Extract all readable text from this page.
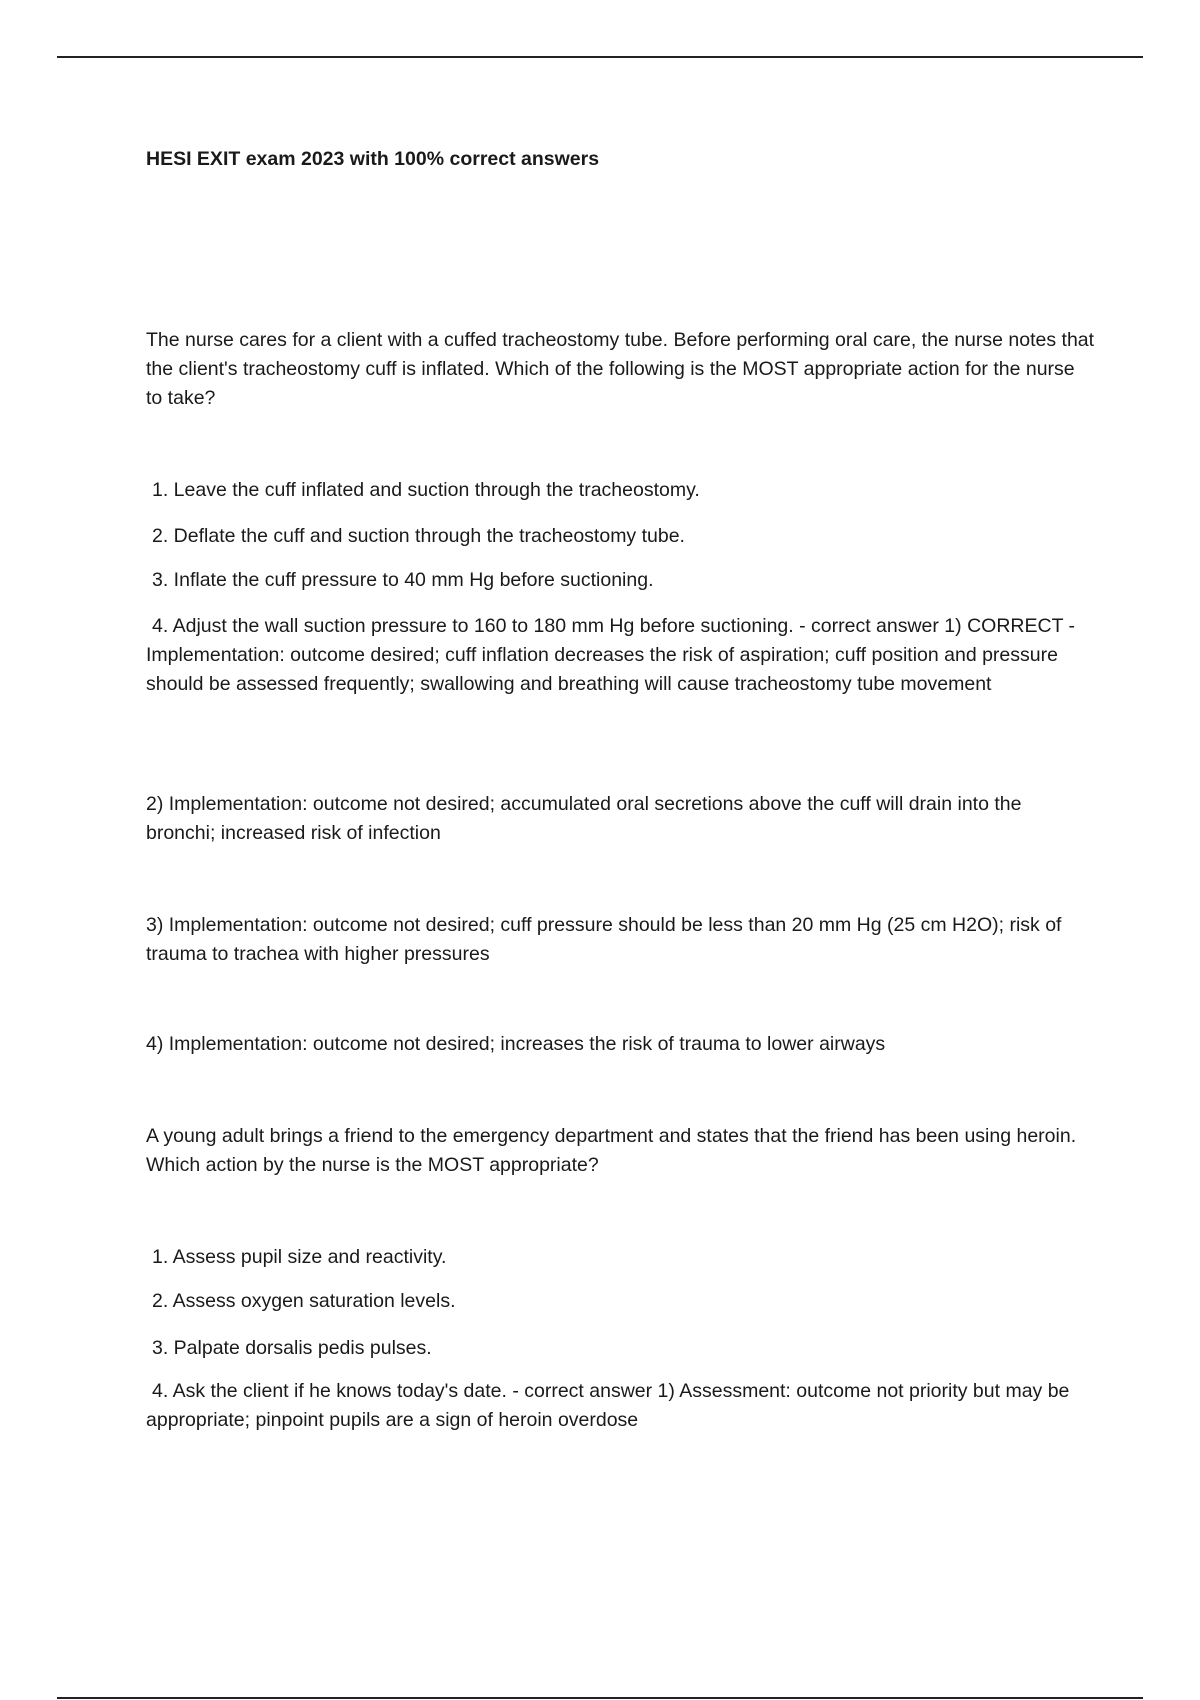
HESI EXIT exam 2023 with 100% correct answers

The nurse cares for a client with a cuffed tracheostomy tube. Before performing oral care, the nurse notes that the client's tracheostomy cuff is inflated. Which of the following is the MOST appropriate action for the nurse to take?

1. Leave the cuff inflated and suction through the tracheostomy.

2. Deflate the cuff and suction through the tracheostomy tube.

3. Inflate the cuff pressure to 40 mm Hg before suctioning.

4. Adjust the wall suction pressure to 160 to 180 mm Hg before suctioning. - correct answer 1) CORRECT - Implementation: outcome desired; cuff inflation decreases the risk of aspiration; cuff position and pressure should be assessed frequently; swallowing and breathing will cause tracheostomy tube movement

2) Implementation: outcome not desired; accumulated oral secretions above the cuff will drain into the bronchi; increased risk of infection

3) Implementation: outcome not desired; cuff pressure should be less than 20 mm Hg (25 cm H2O); risk of trauma to trachea with higher pressures

4) Implementation: outcome not desired; increases the risk of trauma to lower airways

A young adult brings a friend to the emergency department and states that the friend has been using heroin. Which action by the nurse is the MOST appropriate?

1. Assess pupil size and reactivity.

2. Assess oxygen saturation levels.

3. Palpate dorsalis pedis pulses.

4. Ask the client if he knows today's date. - correct answer 1) Assessment: outcome not priority but may be appropriate; pinpoint pupils are a sign of heroin overdose
